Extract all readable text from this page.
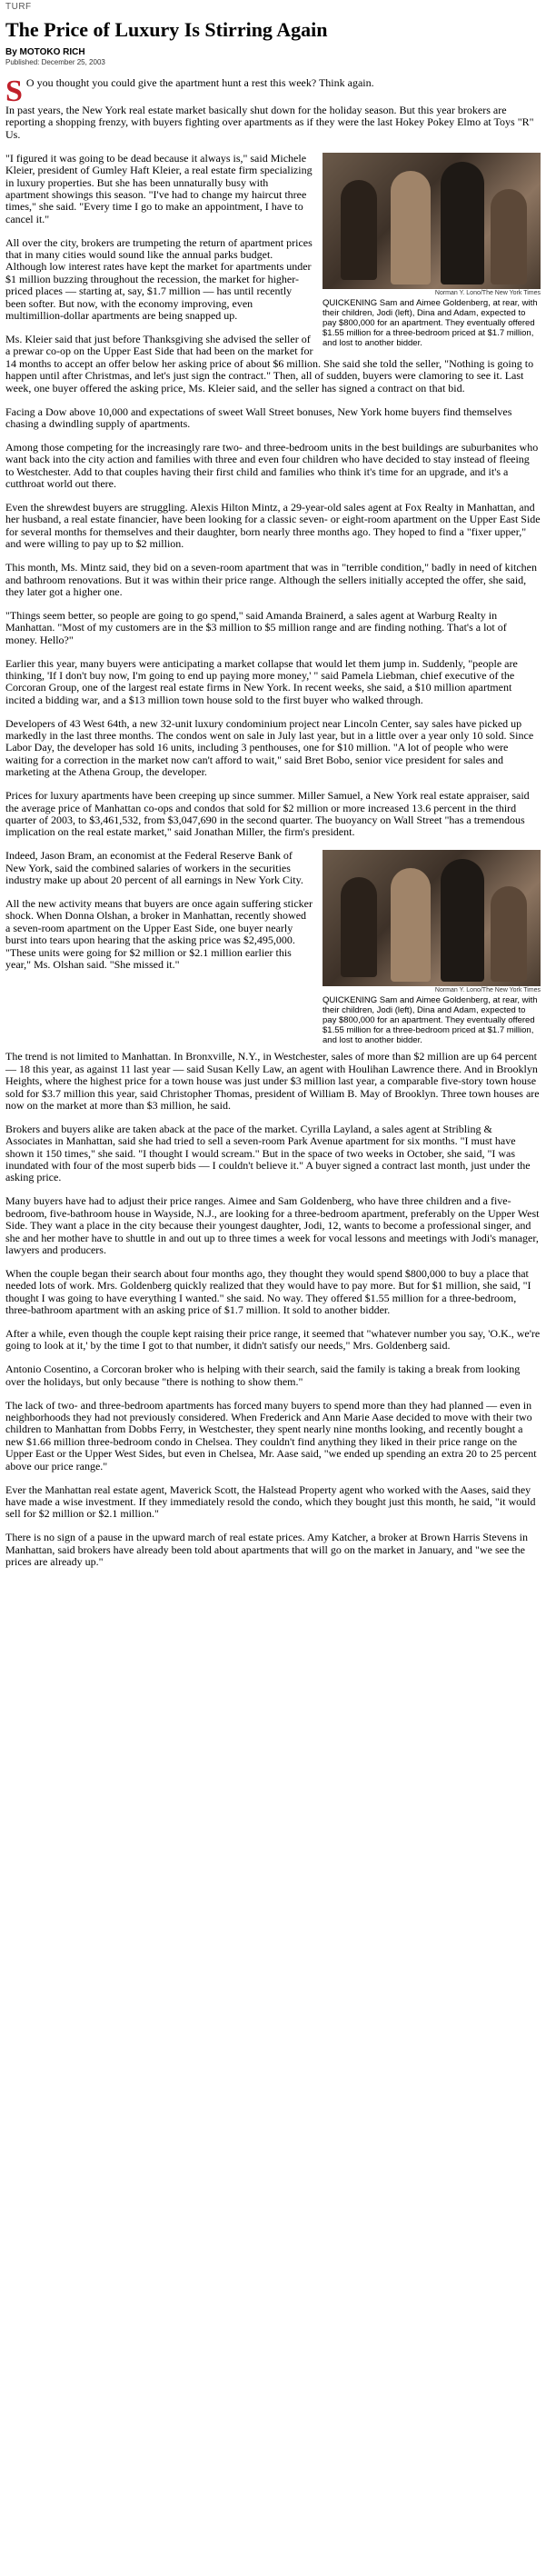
TURF
The Price of Luxury Is Stirring Again
By MOTOKO RICH
Published: December 25, 2003

S O you thought you could give the apartment hunt a rest this week? Think again.

In past years, the New York real estate market basically shut down for the holiday season. But this year brokers are reporting a shopping frenzy, with buyers fighting over apartments as if they were the last Hokey Pokey Elmo at Toys "R" Us.

Norman Y. Lono/The New York Times
QUICKENING Sam and Aimee Goldenberg, at rear, with their children, Jodi (left), Dina and Adam, expected to pay $800,000 for an apartment. They eventually offered $1.55 million for a three-bedroom priced at $1.7 million, and lost to another bidder.

"I figured it was going to be dead because it always is," said Michele Kleier, president of Gumley Haft Kleier, a real estate firm specializing in luxury properties. But she has been unnaturally busy with apartment showings this season. "I've had to change my haircut three times," she said. "Every time I go to make an appointment, I have to cancel it."

All over the city, brokers are trumpeting the return of apartment prices that in many cities would sound like the annual parks budget. Although low interest rates have kept the market for apartments under $1 million buzzing throughout the recession, the market for higher-priced places — starting at, say, $1.7 million — has until recently been softer. But now, with the economy improving, even multimillion-dollar apartments are being snapped up.

Ms. Kleier said that just before Thanksgiving she advised the seller of a prewar co-op on the Upper East Side that had been on the market for 14 months to accept an offer below her asking price of about $6 million. She said she told the seller, "Nothing is going to happen until after Christmas, and let's just sign the contract." Then, all of sudden, buyers were clamoring to see it. Last week, one buyer offered the asking price, Ms. Kleier said, and the seller has signed a contract on that bid.

Facing a Dow above 10,000 and expectations of sweet Wall Street bonuses, New York home buyers find themselves chasing a dwindling supply of apartments.

Among those competing for the increasingly rare two- and three-bedroom units in the best buildings are suburbanites who want back into the city action and families with three and even four children who have decided to stay instead of fleeing to Westchester. Add to that couples having their first child and families who think it's time for an upgrade, and it's a cutthroat world out there.

Even the shrewdest buyers are struggling. Alexis Hilton Mintz, a 29-year-old sales agent at Fox Realty in Manhattan, and her husband, a real estate financier, have been looking for a classic seven- or eight-room apartment on the Upper East Side for several months for themselves and their daughter, born nearly three months ago. They hoped to find a "fixer upper," and were willing to pay up to $2 million.

This month, Ms. Mintz said, they bid on a seven-room apartment that was in "terrible condition," badly in need of kitchen and bathroom renovations. But it was within their price range. Although the sellers initially accepted the offer, she said, they later got a higher one.

"Things seem better, so people are going to go spend," said Amanda Brainerd, a sales agent at Warburg Realty in Manhattan. "Most of my customers are in the $3 million to $5 million range and are finding nothing. That's a lot of money. Hello?"

Earlier this year, many buyers were anticipating a market collapse that would let them jump in. Suddenly, "people are thinking, 'If I don't buy now, I'm going to end up paying more money,' " said Pamela Liebman, chief executive of the Corcoran Group, one of the largest real estate firms in New York. In recent weeks, she said, a $10 million apartment incited a bidding war, and a $13 million town house sold to the first buyer who walked through.

Developers of 43 West 64th, a new 32-unit luxury condominium project near Lincoln Center, say sales have picked up markedly in the last three months. The condos went on sale in July last year, but in a little over a year only 10 sold. Since Labor Day, the developer has sold 16 units, including 3 penthouses, one for $10 million. "A lot of people who were waiting for a correction in the market now can't afford to wait," said Bret Bobo, senior vice president for sales and marketing at the Athena Group, the developer.

Prices for luxury apartments have been creeping up since summer. Miller Samuel, a New York real estate appraiser, said the average price of Manhattan co-ops and condos that sold for $2 million or more increased 13.6 percent in the third quarter of 2003, to $3,461,532, from $3,047,690 in the second quarter. The buoyancy on Wall Street "has a tremendous implication on the real estate market," said Jonathan Miller, the firm's president.

Norman Y. Lono/The New York Times
QUICKENING Sam and Aimee Goldenberg, at rear, with their children, Jodi (left), Dina and Adam, expected to pay $800,000 for an apartment. They eventually offered $1.55 million for a three-bedroom priced at $1.7 million, and lost to another bidder.

Indeed, Jason Bram, an economist at the Federal Reserve Bank of New York, said the combined salaries of workers in the securities industry make up about 20 percent of all earnings in New York City.

All the new activity means that buyers are once again suffering sticker shock. When Donna Olshan, a broker in Manhattan, recently showed a seven-room apartment on the Upper East Side, one buyer nearly burst into tears upon hearing that the asking price was $2,495,000. "These units were going for $2 million or $2.1 million earlier this year," Ms. Olshan said. "She missed it."

The trend is not limited to Manhattan. In Bronxville, N.Y., in Westchester, sales of more than $2 million are up 64 percent — 18 this year, as against 11 last year — said Susan Kelly Law, an agent with Houlihan Lawrence there. And in Brooklyn Heights, where the highest price for a town house was just under $3 million last year, a comparable five-story town house sold for $3.7 million this year, said Christopher Thomas, president of William B. May of Brooklyn. Three town houses are now on the market at more than $3 million, he said.

Brokers and buyers alike are taken aback at the pace of the market. Cyrilla Layland, a sales agent at Stribling & Associates in Manhattan, said she had tried to sell a seven-room Park Avenue apartment for six months. "I must have shown it 150 times," she said. "I thought I would scream." But in the space of two weeks in October, she said, "I was inundated with four of the most superb bids — I couldn't believe it." A buyer signed a contract last month, just under the asking price.

Many buyers have had to adjust their price ranges. Aimee and Sam Goldenberg, who have three children and a five-bedroom, five-bathroom house in Wayside, N.J., are looking for a three-bedroom apartment, preferably on the Upper West Side. They want a place in the city because their youngest daughter, Jodi, 12, wants to become a professional singer, and she and her mother have to shuttle in and out up to three times a week for vocal lessons and meetings with Jodi's manager, lawyers and producers.

When the couple began their search about four months ago, they thought they would spend $800,000 to buy a place that needed lots of work. Mrs. Goldenberg quickly realized that they would have to pay more. But for $1 million, she said, "I thought I was going to have everything I wanted." she said. No way. They offered $1.55 million for a three-bedroom, three-bathroom apartment with an asking price of $1.7 million. It sold to another bidder.

After a while, even though the couple kept raising their price range, it seemed that "whatever number you say, 'O.K., we're going to look at it,' by the time I got to that number, it didn't satisfy our needs," Mrs. Goldenberg said.

Antonio Cosentino, a Corcoran broker who is helping with their search, said the family is taking a break from looking over the holidays, but only because "there is nothing to show them."

The lack of two- and three-bedroom apartments has forced many buyers to spend more than they had planned — even in neighborhoods they had not previously considered. When Frederick and Ann Marie Aase decided to move with their two children to Manhattan from Dobbs Ferry, in Westchester, they spent nearly nine months looking, and recently bought a new $1.66 million three-bedroom condo in Chelsea. They couldn't find anything they liked in their price range on the Upper East or the Upper West Sides, but even in Chelsea, Mr. Aase said, "we ended up spending an extra 20 to 25 percent above our price range."

Ever the Manhattan real estate agent, Maverick Scott, the Halstead Property agent who worked with the Aases, said they have made a wise investment. If they immediately resold the condo, which they bought just this month, he said, "it would sell for $2 million or $2.1 million."

There is no sign of a pause in the upward march of real estate prices. Amy Katcher, a broker at Brown Harris Stevens in Manhattan, said brokers have already been told about apartments that will go on the market in January, and "we see the prices are already up."
